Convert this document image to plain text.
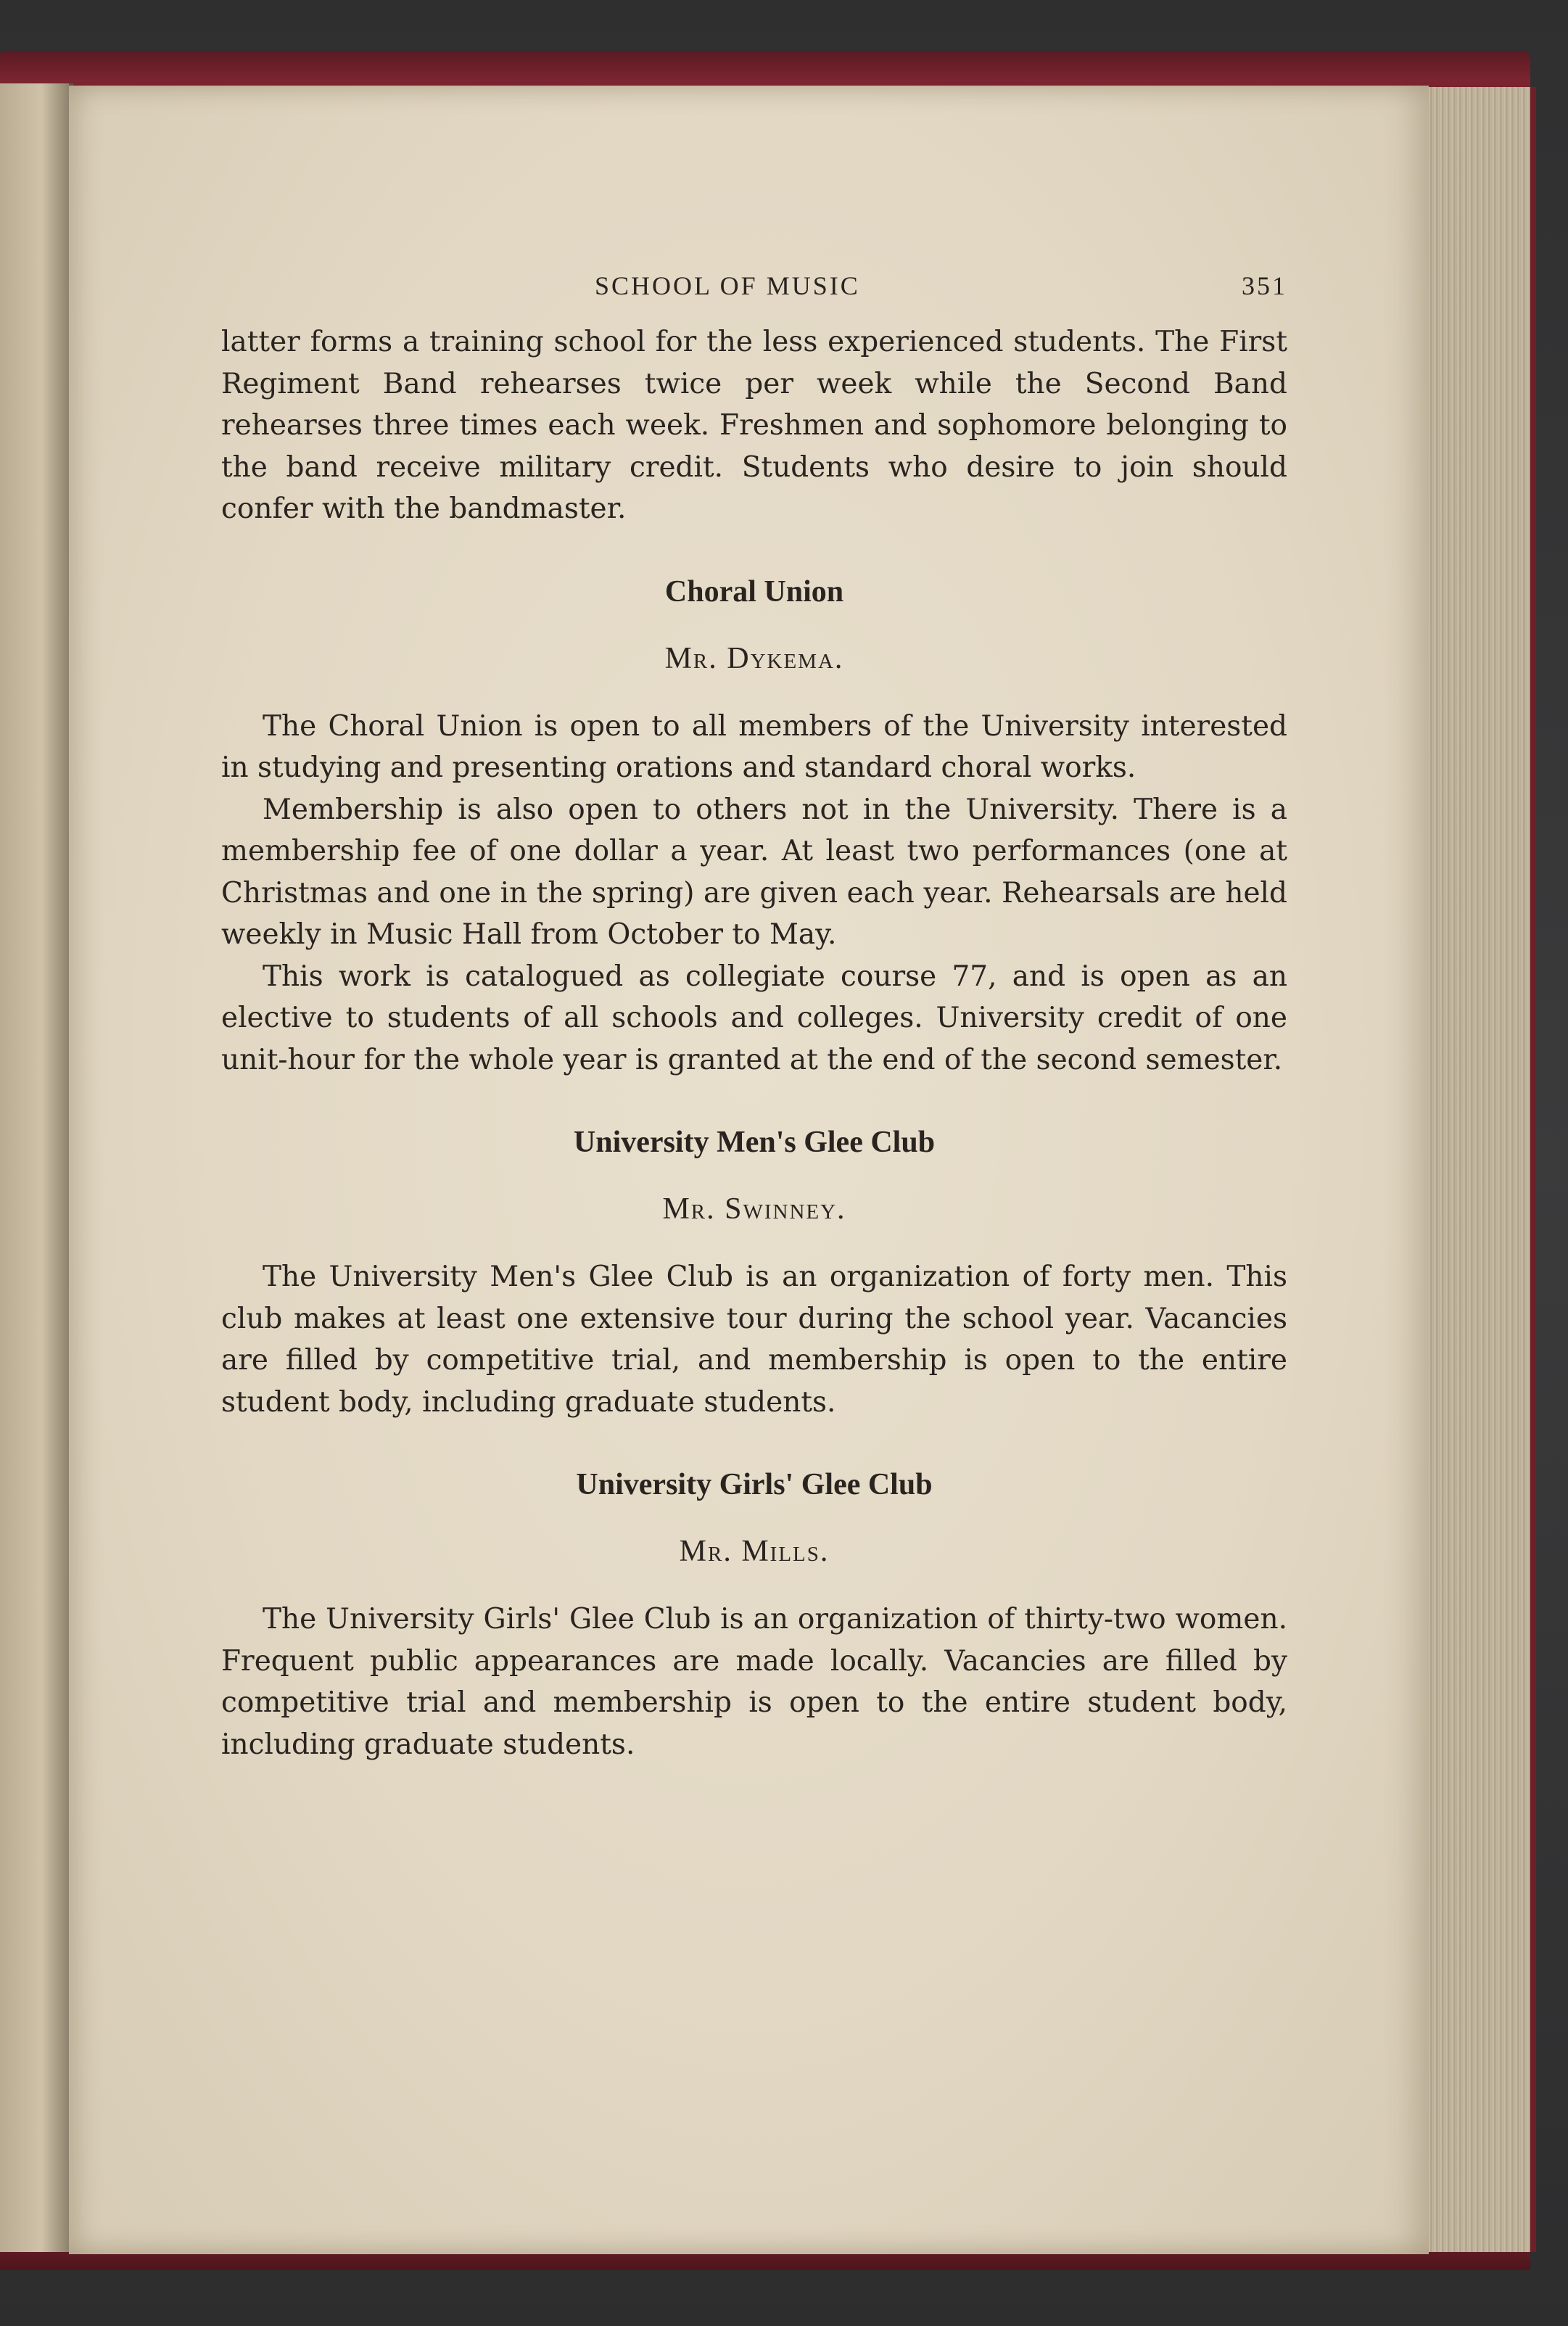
SCHOOL OF MUSIC	351

latter forms a training school for the less experienced students. The First Regiment Band rehearses twice per week while the Second Band rehearses three times each week. Freshmen and sophomore belonging to the band receive military credit. Students who desire to join should confer with the bandmaster.

Choral Union
Mr. Dykema.

The Choral Union is open to all members of the University interested in studying and presenting orations and standard choral works.

Membership is also open to others not in the University. There is a membership fee of one dollar a year. At least two performances (one at Christmas and one in the spring) are given each year. Rehearsals are held weekly in Music Hall from October to May.

This work is catalogued as collegiate course 77, and is open as an elective to students of all schools and colleges. University credit of one unit-hour for the whole year is granted at the end of the second semester.

University Men's Glee Club
Mr. Swinney.

The University Men's Glee Club is an organization of forty men. This club makes at least one extensive tour during the school year. Vacancies are filled by competitive trial, and membership is open to the entire student body, including graduate students.

University Girls' Glee Club
Mr. Mills.

The University Girls' Glee Club is an organization of thirty-two women. Frequent public appearances are made locally. Vacancies are filled by competitive trial and membership is open to the entire student body, including graduate students.
